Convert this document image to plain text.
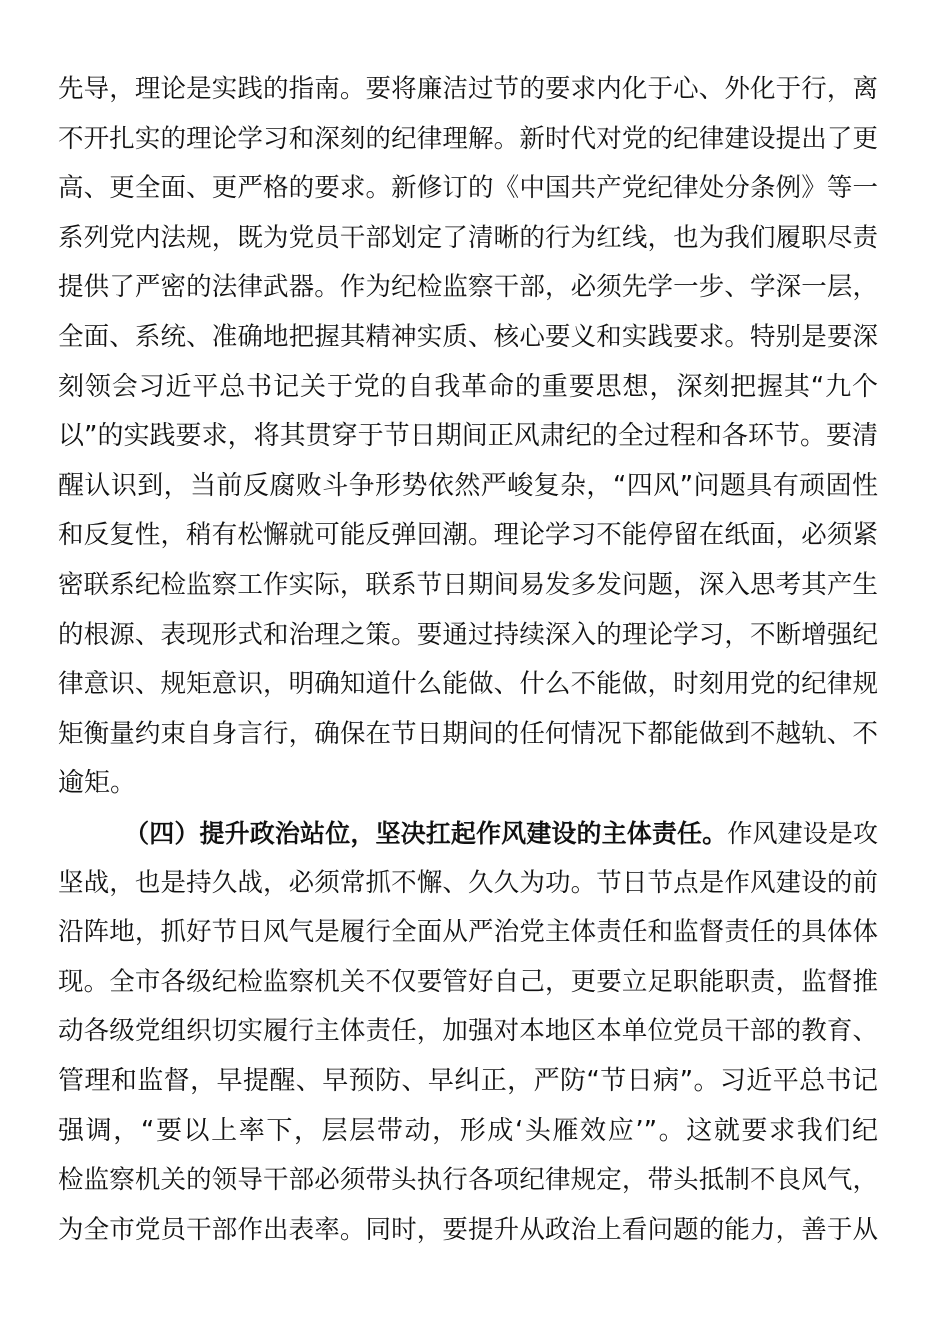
先导，理论是实践的指南。要将廉洁过节的要求内化于心、外化于行，离
不开扎实的理论学习和深刻的纪律理解。新时代对党的纪律建设提出了更
高、更全面、更严格的要求。新修订的《中国共产党纪律处分条例》等一
系列党内法规，既为党员干部划定了清晰的行为红线，也为我们履职尽责
提供了严密的法律武器。作为纪检监察干部，必须先学一步、学深一层，
全面、系统、准确地把握其精神实质、核心要义和实践要求。特别是要深
刻领会习近平总书记关于党的自我革命的重要思想，深刻把握其“九个
以”的实践要求，将其贯穿于节日期间正风肃纪的全过程和各环节。要清
醒认识到，当前反腐败斗争形势依然严峻复杂，“四风”问题具有顽固性
和反复性，稍有松懈就可能反弹回潮。理论学习不能停留在纸面，必须紧
密联系纪检监察工作实际，联系节日期间易发多发问题，深入思考其产生
的根源、表现形式和治理之策。要通过持续深入的理论学习，不断增强纪
律意识、规矩意识，明确知道什么能做、什么不能做，时刻用党的纪律规
矩衡量约束自身言行，确保在节日期间的任何情况下都能做到不越轨、不
逾矩。
（四）提升政治站位，坚决扛起作风建设的主体责任。作风建设是攻
坚战，也是持久战，必须常抓不懈、久久为功。节日节点是作风建设的前
沿阵地，抓好节日风气是履行全面从严治党主体责任和监督责任的具体体
现。全市各级纪检监察机关不仅要管好自己，更要立足职能职责，监督推
动各级党组织切实履行主体责任，加强对本地区本单位党员干部的教育、
管理和监督，早提醒、早预防、早纠正，严防“节日病”。习近平总书记
强调，“要以上率下，层层带动，形成‘头雁效应’”。这就要求我们纪
检监察机关的领导干部必须带头执行各项纪律规定，带头抵制不良风气，
为全市党员干部作出表率。同时，要提升从政治上看问题的能力，善于从
